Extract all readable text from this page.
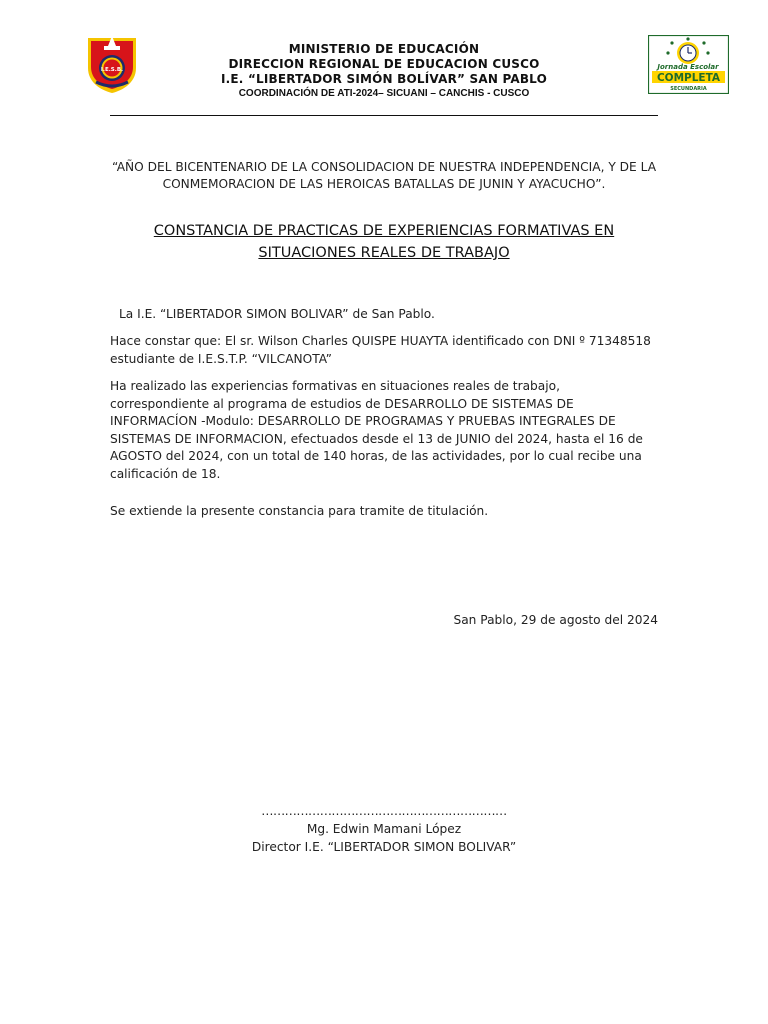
I.E.S.B.	Jornada Escolar
COMPLETA
SECUNDARIA
MINISTERIO DE EDUCACIÓN
DIRECCION REGIONAL DE EDUCACION CUSCO
I.E. “LIBERTADOR SIMÓN BOLÍVAR” SAN PABLO
COORDINACIÓN DE ATI-2024– SICUANI – CANCHIS - CUSCO
“AÑO DEL BICENTENARIO DE LA CONSOLIDACION DE NUESTRA INDEPENDENCIA, Y DE LA CONMEMORACION DE LAS HEROICAS BATALLAS DE JUNIN Y AYACUCHO”.
CONSTANCIA DE PRACTICAS DE EXPERIENCIAS FORMATIVAS EN
SITUACIONES REALES DE TRABAJO
La I.E. “LIBERTADOR SIMON BOLIVAR” de San Pablo.
Hace constar que: El sr. Wilson Charles QUISPE HUAYTA identificado con DNI º 71348518 estudiante de I.E.S.T.P. “VILCANOTA”
Ha realizado las experiencias formativas en situaciones reales de trabajo, correspondiente al programa de estudios de DESARROLLO DE SISTEMAS DE INFORMACÍON -Modulo: DESARROLLO DE PROGRAMAS Y PRUEBAS INTEGRALES DE SISTEMAS DE INFORMACION, efectuados desde el 13 de JUNIO del 2024, hasta el 16 de AGOSTO del 2024, con un total de 140 horas, de las actividades, por lo cual recibe una calificación de 18.
Se extiende la presente constancia para tramite de titulación.
San Pablo, 29 de agosto del 2024
………………………………………………………
Mg. Edwin Mamani López
Director I.E. “LIBERTADOR SIMON BOLIVAR”
